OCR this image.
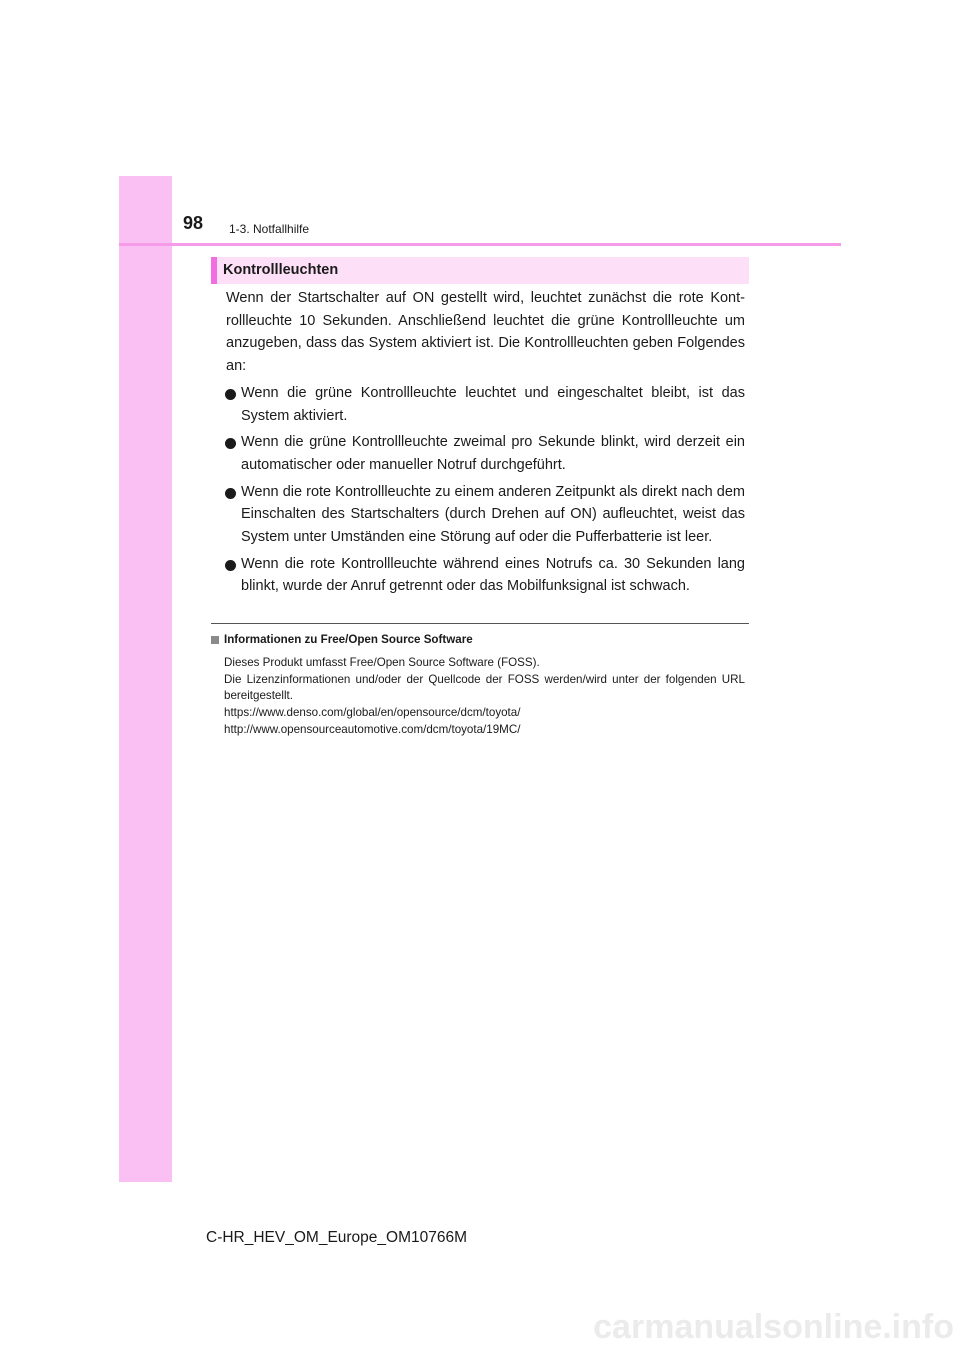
98 1-3. Notfallhilfe
Kontrollleuchten

Wenn der Startschalter auf ON gestellt wird, leuchtet zunächst die rote Kontrollleuchte 10 Sekunden. Anschließend leuchtet die grüne Kontrollleuchte um anzugeben, dass das System aktiviert ist. Die Kontrollleuchten geben Folgendes an:

Wenn die grüne Kontrollleuchte leuchtet und eingeschaltet bleibt, ist das System aktiviert.
Wenn die grüne Kontrollleuchte zweimal pro Sekunde blinkt, wird derzeit ein automatischer oder manueller Notruf durchgeführt.
Wenn die rote Kontrollleuchte zu einem anderen Zeitpunkt als direkt nach dem Einschalten des Startschalters (durch Drehen auf ON) aufleuchtet, weist das System unter Umständen eine Störung auf oder die Pufferbatterie ist leer.
Wenn die rote Kontrollleuchte während eines Notrufs ca. 30 Sekunden lang blinkt, wurde der Anruf getrennt oder das Mobilfunksignal ist schwach.
Informationen zu Free/Open Source Software
Dieses Produkt umfasst Free/Open Source Software (FOSS).
Die Lizenzinformationen und/oder der Quellcode der FOSS werden/wird unter der folgenden URL bereitgestellt.
https://www.denso.com/global/en/opensource/dcm/toyota/
http://www.opensourceautomotive.com/dcm/toyota/19MC/
C-HR_HEV_OM_Europe_OM10766M
carmanualsonline.info
